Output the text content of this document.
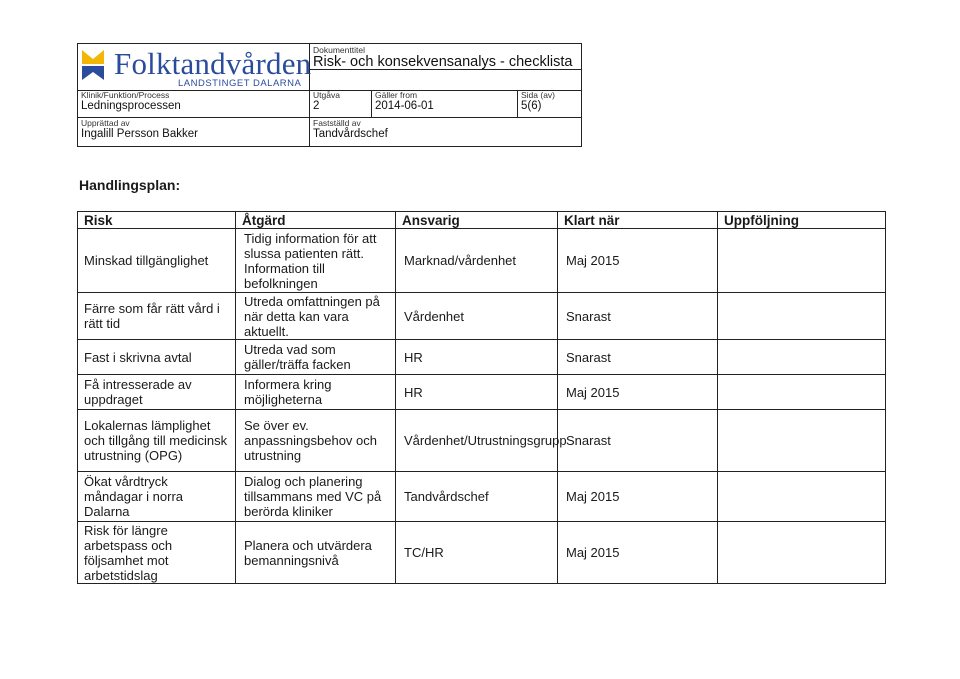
Folktandvården
LANDSTINGET DALARNA
Dokumenttitel
Risk- och konsekvensanalys - checklista
Klinik/Funktion/Process
Ledningsprocessen
Utgåva
2
Gäller from
2014-06-01
Sida (av)
5(6)
Upprättad av
Ingalill Persson Bakker
Fastställd av
Tandvårdschef
Handlingsplan:
Risk	Åtgärd	Ansvarig	Klart när	Uppföljning
Minskad tillgänglighet	Tidig information för att slussa patienten rätt. Information till befolkningen	Marknad/vårdenhet	Maj 2015	
Färre som får rätt vård i rätt tid	Utreda omfattningen på när detta kan vara aktuellt.	Vårdenhet	Snarast	
Fast i skrivna avtal	Utreda vad som gäller/träffa facken	HR	Snarast	
Få intresserade av uppdraget	Informera kring möjligheterna	HR	Maj 2015	
Lokalernas lämplighet och tillgång till medicinsk utrustning (OPG)	Se över ev. anpassningsbehov och utrustning	Vårdenhet/Utrustningsgrupp	Snarast	
Ökat vårdtryck måndagar i norra Dalarna	Dialog och planering tillsammans med VC på berörda kliniker	Tandvårdschef	Maj 2015	
Risk för längre arbetspass och följsamhet mot arbetstidslag	Planera och utvärdera bemanningsnivå	TC/HR	Maj 2015	
